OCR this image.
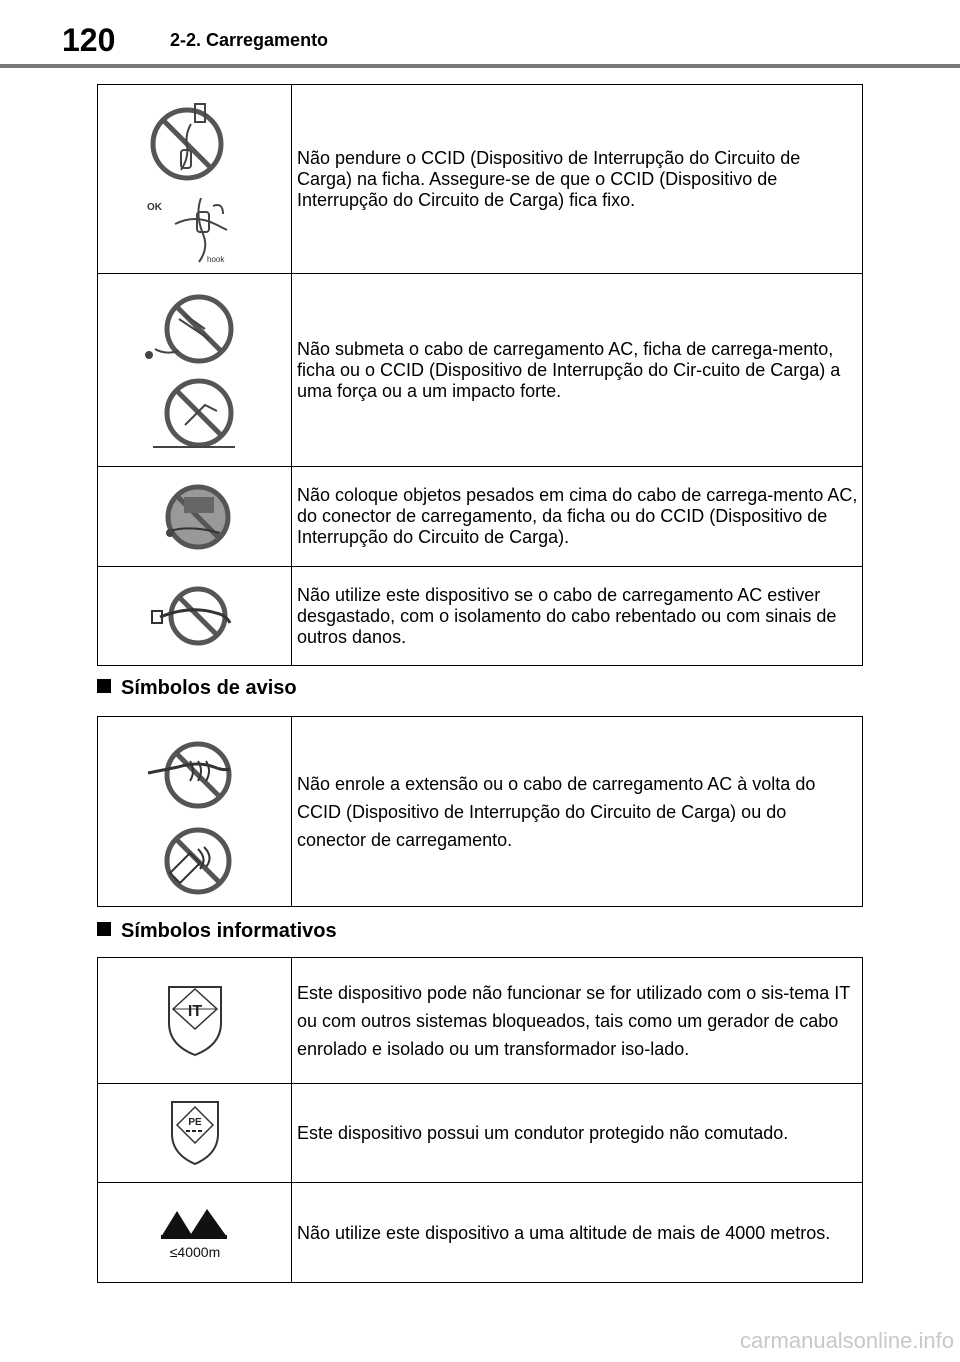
120	2-2. Carregamento
OK
hook	Não pendure o CCID (Dispositivo de Interrupção do Circuito de Carga) na ficha. Assegure-se de que o CCID (Dispositivo de Interrupção do Circuito de Carga) fica fixo.
	Não submeta o cabo de carregamento AC, ficha de carrega-mento, ficha ou o CCID (Dispositivo de Interrupção do Cir-cuito de Carga) a uma força ou a um impacto forte.
	Não coloque objetos pesados em cima do cabo de carrega-mento AC, do conector de carregamento, da ficha ou do CCID (Dispositivo de Interrupção do Circuito de Carga).
	Não utilize este dispositivo se o cabo de carregamento AC estiver desgastado, com o isolamento do cabo rebentado ou com sinais de outros danos.
Símbolos de aviso
	Não enrole a extensão ou o cabo de carregamento AC à volta do CCID (Dispositivo de Interrupção do Circuito de Carga) ou do conector de carregamento.
Símbolos informativos
IT	Este dispositivo pode não funcionar se for utilizado com o sis-tema IT ou com outros sistemas bloqueados, tais como um gerador de cabo enrolado e isolado ou um transformador iso-lado.

PE	Este dispositivo possui um condutor protegido não comutado.

≤4000m	Não utilize este dispositivo a uma altitude de mais de 4000 metros.
carmanualsonline.info
